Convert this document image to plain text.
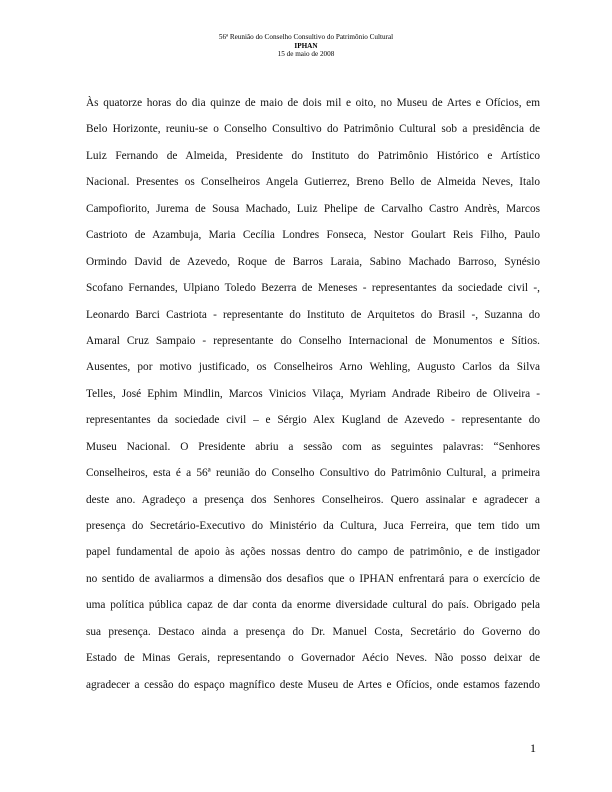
56ª Reunião do Conselho Consultivo do Patrimônio Cultural
IPHAN
15 de maio de 2008
Às quatorze horas do dia quinze de maio de dois mil e oito, no Museu de Artes e Ofícios, em
Belo Horizonte, reuniu-se o Conselho Consultivo do Patrimônio Cultural sob a presidência de
Luiz Fernando de Almeida, Presidente do Instituto do Patrimônio Histórico e Artístico
Nacional. Presentes os Conselheiros Angela Gutierrez, Breno Bello de Almeida Neves, Italo
Campofiorito, Jurema de Sousa Machado, Luiz Phelipe de Carvalho Castro Andrès, Marcos
Castrioto de Azambuja, Maria Cecília Londres Fonseca, Nestor Goulart Reis Filho, Paulo
Ormindo David de Azevedo, Roque de Barros Laraia, Sabino Machado Barroso, Synésio
Scofano Fernandes, Ulpiano Toledo Bezerra de Meneses - representantes da sociedade civil -,
Leonardo Barci Castriota - representante do Instituto de Arquitetos do Brasil -, Suzanna do
Amaral Cruz Sampaio - representante do Conselho Internacional de Monumentos e Sítios.
Ausentes, por motivo justificado, os Conselheiros Arno Wehling, Augusto Carlos da Silva
Telles, José Ephim Mindlin, Marcos Vinicios Vilaça, Myriam Andrade Ribeiro de Oliveira -
representantes da sociedade civil – e Sérgio Alex Kugland de Azevedo - representante do
Museu Nacional. O Presidente abriu a sessão com as seguintes palavras: “Senhores
Conselheiros, esta é a 56ª reunião do Conselho Consultivo do Patrimônio Cultural, a primeira
deste ano. Agradeço a presença dos Senhores Conselheiros. Quero assinalar e agradecer a
presença do Secretário-Executivo do Ministério da Cultura, Juca Ferreira, que tem tido um
papel fundamental de apoio às ações nossas dentro do campo de patrimônio, e de instigador
no sentido de avaliarmos a dimensão dos desafios que o IPHAN enfrentará para o exercício de
uma política pública capaz de dar conta da enorme diversidade cultural do país. Obrigado pela
sua presença. Destaco ainda a presença do Dr. Manuel Costa, Secretário do Governo do
Estado de Minas Gerais, representando o Governador Aécio Neves. Não posso deixar de
agradecer a cessão do espaço magnífico deste Museu de Artes e Ofícios, onde estamos fazendo
1
